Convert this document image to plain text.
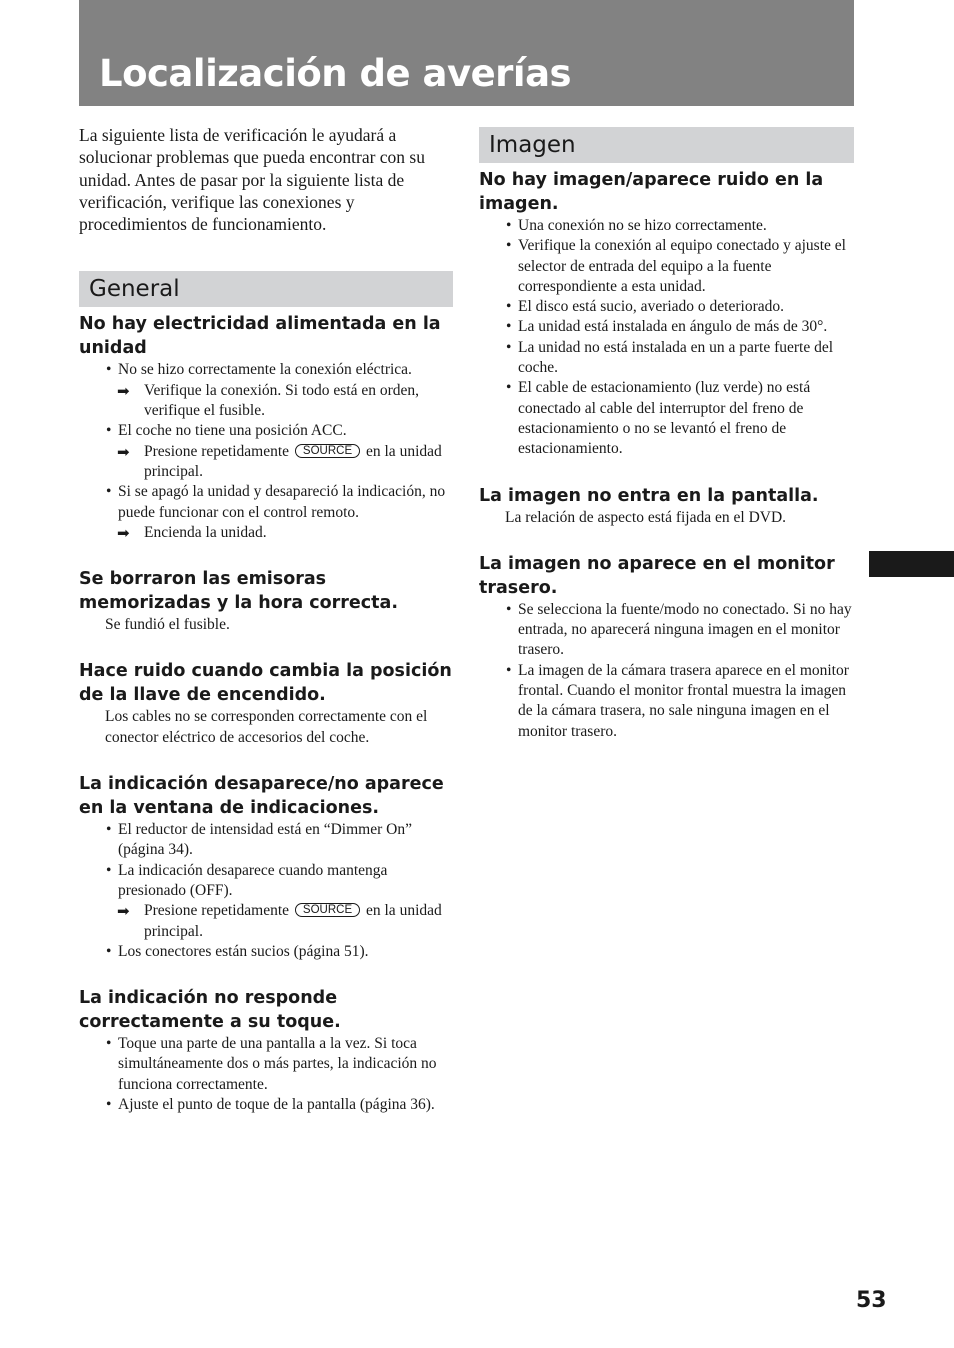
Localización de averías

La siguiente lista de verificación le ayudará a solucionar problemas que pueda encontrar con su unidad. Antes de pasar por la siguiente lista de verificación, verifique las conexiones y procedimientos de funcionamiento.

General

No hay electricidad alimentada en la unidad

• No se hizo correctamente la conexión eléctrica.

➡ Verifique la conexión. Si todo está en orden, verifique el fusible.

• El coche no tiene una posición ACC.

➡ Presione repetidamente SOURCE en la unidad principal.

• Si se apagó la unidad y desapareció la indicación, no puede funcionar con el control remoto.

➡ Encienda la unidad.

Se borraron las emisoras memorizadas y la hora correcta.

Se fundió el fusible.

Hace ruido cuando cambia la posición de la llave de encendido.

Los cables no se corresponden correctamente con el conector eléctrico de accesorios del coche.

La indicación desaparece/no aparece en la ventana de indicaciones.

• El reductor de intensidad está en “Dimmer On” (página 34).

• La indicación desaparece cuando mantenga presionado (OFF).

➡ Presione repetidamente SOURCE en la unidad principal.

• Los conectores están sucios (página 51).

La indicación no responde correctamente a su toque.

• Toque una parte de una pantalla a la vez. Si toca simultáneamente dos o más partes, la indicación no funciona correctamente.

• Ajuste el punto de toque de la pantalla (página 36).

Imagen

No hay imagen/aparece ruido en la imagen.

• Una conexión no se hizo correctamente.

• Verifique la conexión al equipo conectado y ajuste el selector de entrada del equipo a la fuente correspondiente a esta unidad.

• El disco está sucio, averiado o deteriorado.

• La unidad está instalada en ángulo de más de 30°.

• La unidad no está instalada en un a parte fuerte del coche.

• El cable de estacionamiento (luz verde) no está conectado al cable del interruptor del freno de estacionamiento o no se levantó el freno de estacionamiento.

La imagen no entra en la pantalla.

La relación de aspecto está fijada en el DVD.

La imagen no aparece en el monitor trasero.

• Se selecciona la fuente/modo no conectado. Si no hay entrada, no aparecerá ninguna imagen en el monitor trasero.

• La imagen de la cámara trasera aparece en el monitor frontal. Cuando el monitor frontal muestra la imagen de la cámara trasera, no sale ninguna imagen en el monitor trasero.

53
